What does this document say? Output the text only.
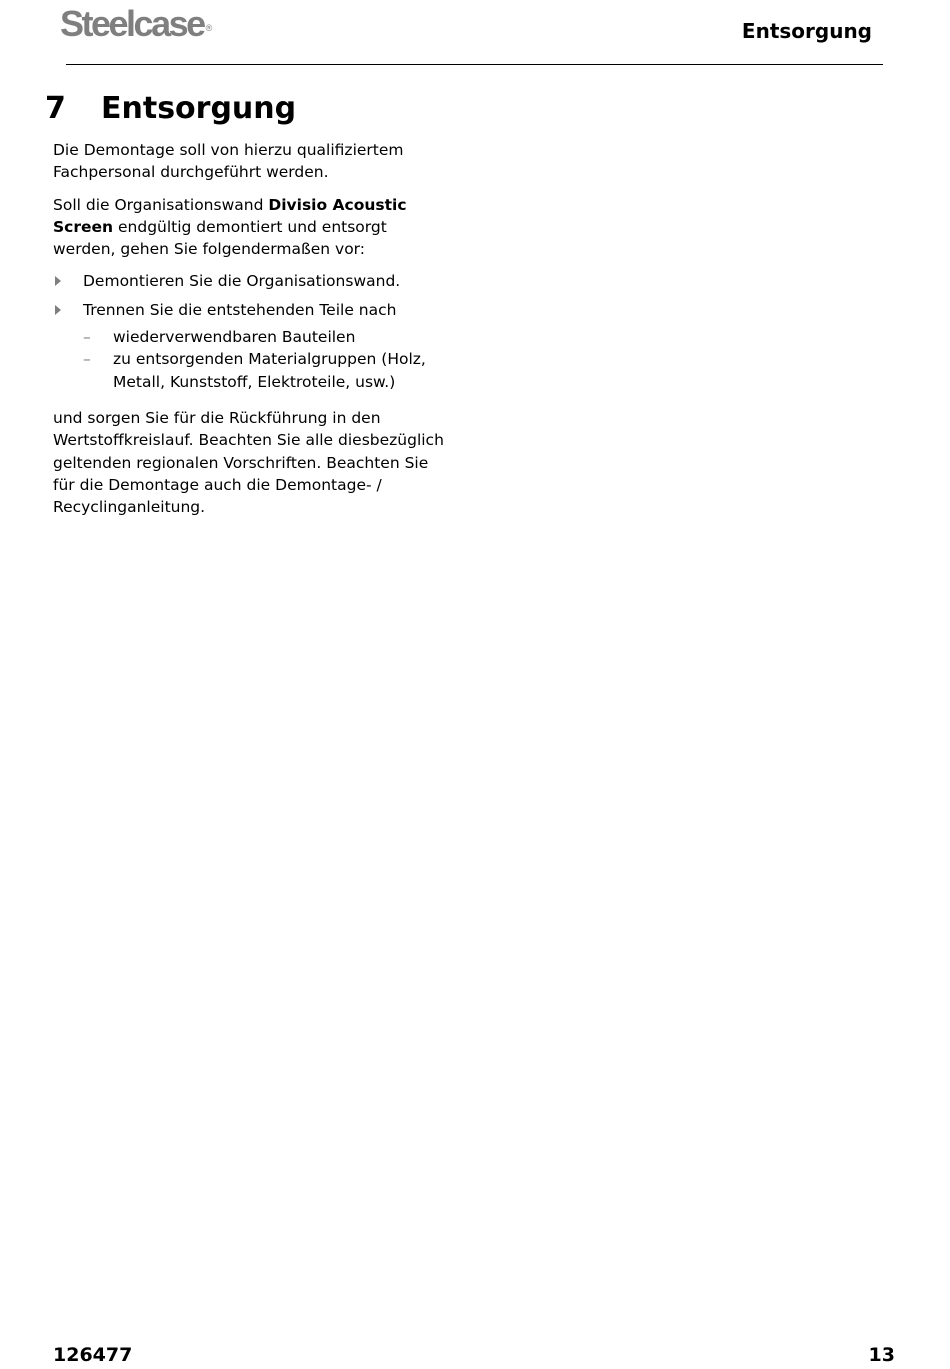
Steelcase ®	Entsorgung
7 Entsorgung

Die Demontage soll von hierzu qualifiziertem Fachpersonal durchgeführt werden.

Soll die Organisationswand Divisio Acoustic Screen endgültig demontiert und entsorgt werden, gehen Sie folgendermaßen vor:

Demontieren Sie die Organisationswand.
Trennen Sie die entstehenden Teile nach
– wiederverwendbaren Bauteilen
– zu entsorgenden Materialgruppen (Holz, Metall, Kunststoff, Elektroteile, usw.)

und sorgen Sie für die Rückführung in den Wertstoffkreislauf. Beachten Sie alle diesbezüglich geltenden regionalen Vorschriften. Beachten Sie für die Demontage auch die Demontage- / Recyclinganleitung.

126477	13
